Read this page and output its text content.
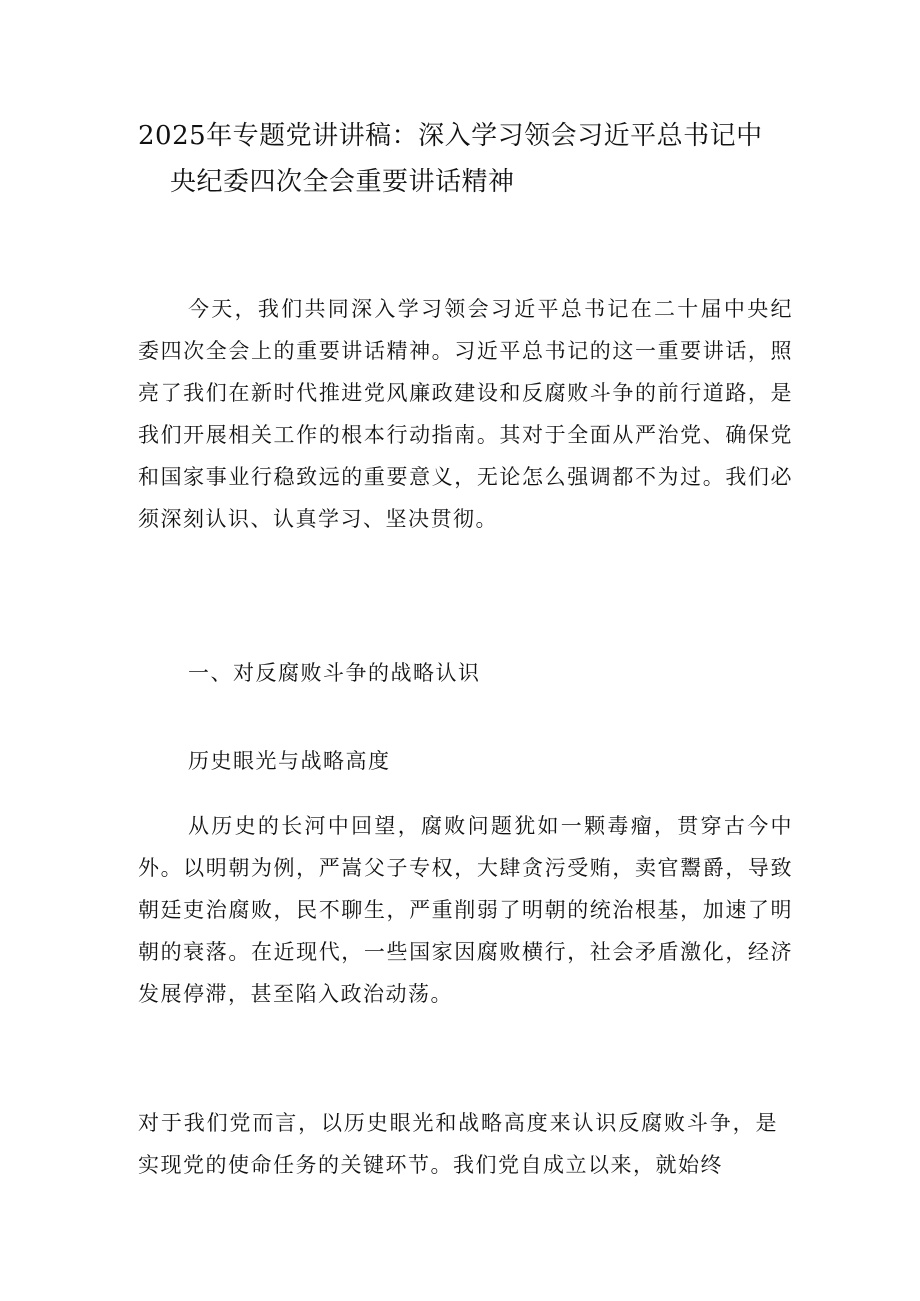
2025年专题党讲讲稿：深入学习领会习近平总书记中
央纪委四次全会重要讲话精神

今天，我们共同深入学习领会习近平总书记在二十届中央纪委四次全会上的重要讲话精神。习近平总书记的这一重要讲话，照亮了我们在新时代推进党风廉政建设和反腐败斗争的前行道路，是我们开展相关工作的根本行动指南。其对于全面从严治党、确保党和国家事业行稳致远的重要意义，无论怎么强调都不为过。我们必须深刻认识、认真学习、坚决贯彻。

一、对反腐败斗争的战略认识
历史眼光与战略高度

从历史的长河中回望，腐败问题犹如一颗毒瘤，贯穿古今中外。以明朝为例，严嵩父子专权，大肆贪污受贿，卖官鬻爵，导致朝廷吏治腐败，民不聊生，严重削弱了明朝的统治根基，加速了明朝的衰落。在近现代，一些国家因腐败横行，社会矛盾激化，经济发展停滞，甚至陷入政治动荡。

对于我们党而言，以历史眼光和战略高度来认识反腐败斗争，是实现党的使命任务的关键环节。我们党自成立以来，就始终
